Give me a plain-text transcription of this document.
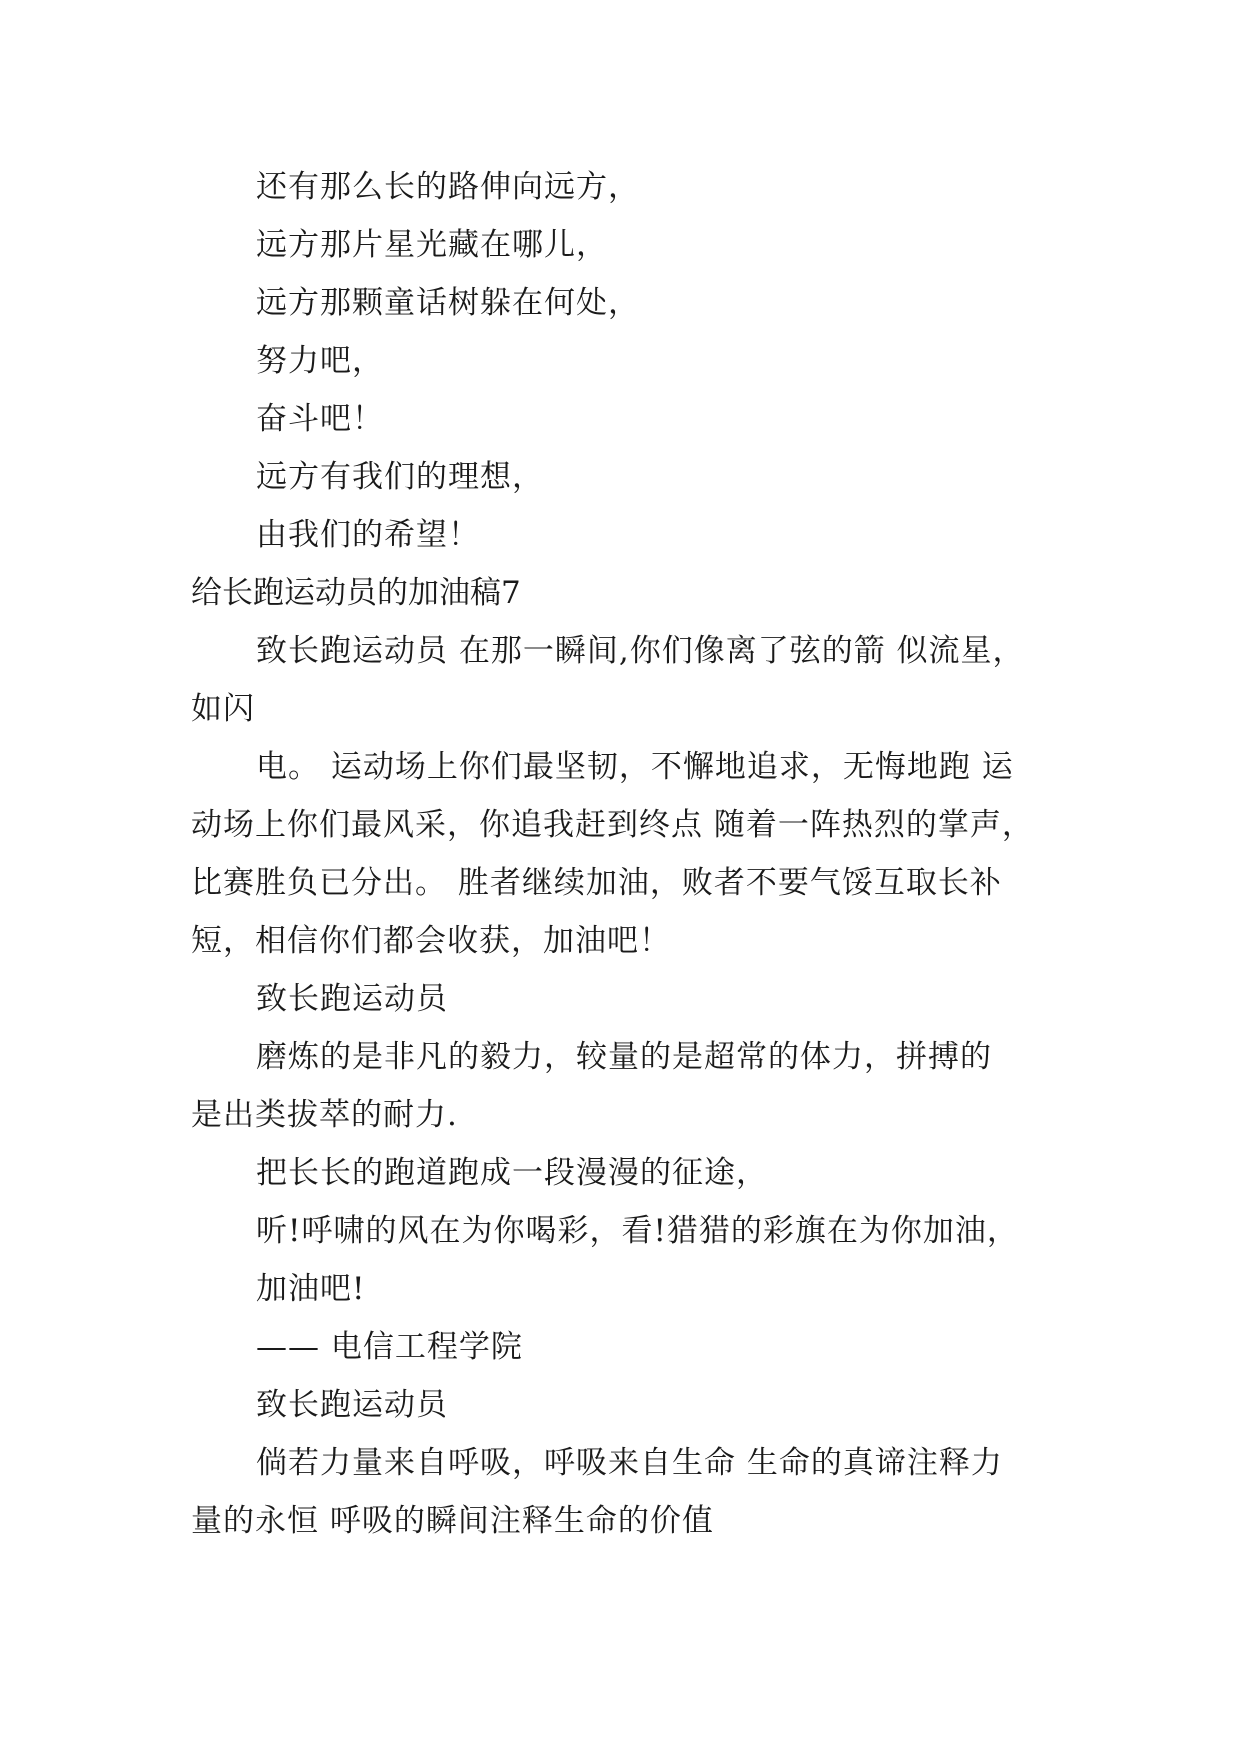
还有那么长的路伸向远方，
远方那片星光藏在哪儿，
远方那颗童话树躲在何处，
努力吧，
奋斗吧！
远方有我们的理想，
由我们的希望！
给长跑运动员的加油稿7
致长跑运动员 在那一瞬间,你们像离了弦的箭 似流星，
如闪
电。 运动场上你们最坚韧，不懈地追求，无悔地跑 运
动场上你们最风采，你追我赶到终点 随着一阵热烈的掌声，
比赛胜负已分出。 胜者继续加油，败者不要气馁互取长补
短，相信你们都会收获，加油吧！
致长跑运动员
磨炼的是非凡的毅力，较量的是超常的体力，拼搏的
是出类拔萃的耐力.
把长长的跑道跑成一段漫漫的征途，
听!呼啸的风在为你喝彩，看!猎猎的彩旗在为你加油，
加油吧!
—— 电信工程学院
致长跑运动员
倘若力量来自呼吸，呼吸来自生命 生命的真谛注释力
量的永恒 呼吸的瞬间注释生命的价值
